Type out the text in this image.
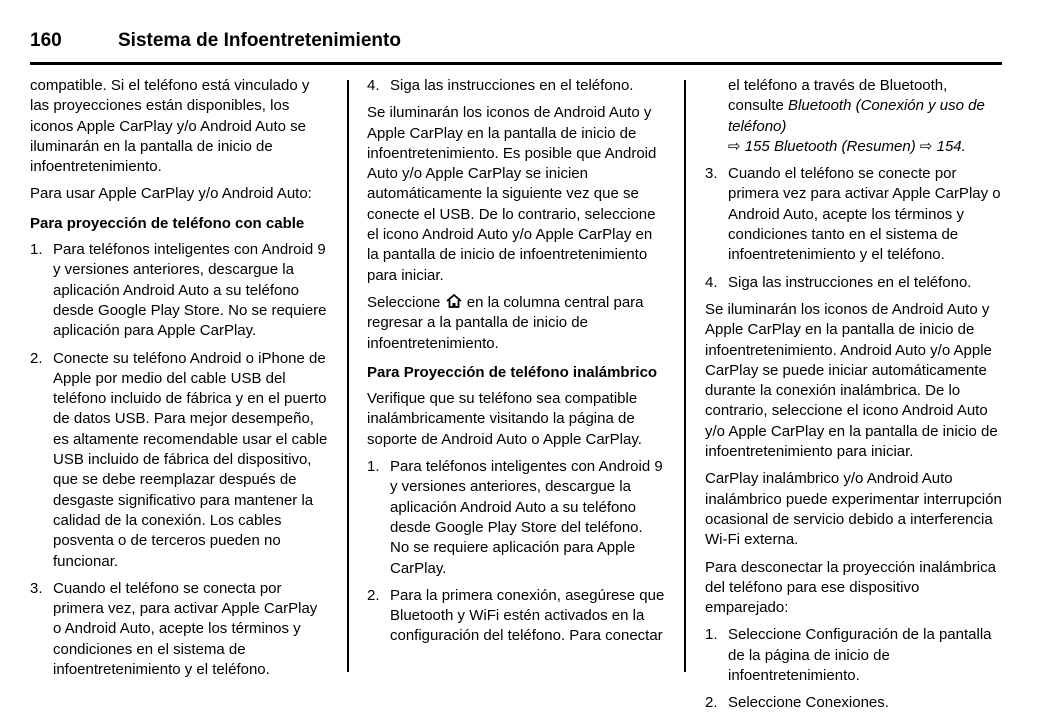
160	Sistema de Infoentretenimiento

compatible. Si el teléfono está vinculado y las proyecciones están disponibles, los iconos Apple CarPlay y/o Android Auto se iluminarán en la pantalla de inicio de infoentretenimiento.

Para usar Apple CarPlay y/o Android Auto:

Para proyección de teléfono con cable
1. Para teléfonos inteligentes con Android 9 y versiones anteriores, descargue la aplicación Android Auto a su teléfono desde Google Play Store. No se requiere aplicación para Apple CarPlay.
2. Conecte su teléfono Android o iPhone de Apple por medio del cable USB del teléfono incluido de fábrica y en el puerto de datos USB. Para mejor desempeño, es altamente recomendable usar el cable USB incluido de fábrica del dispositivo, que se debe reemplazar después de desgaste significativo para mantener la calidad de la conexión. Los cables posventa o de terceros pueden no funcionar.
3. Cuando el teléfono se conecta por primera vez, para activar Apple CarPlay o Android Auto, acepte los términos y condiciones en el sistema de infoentretenimiento y el teléfono.
4. Siga las instrucciones en el teléfono.

Se iluminarán los iconos de Android Auto y Apple CarPlay en la pantalla de inicio de infoentretenimiento. Es posible que Android Auto y/o Apple CarPlay se inicien automáticamente la siguiente vez que se conecte el USB. De lo contrario, seleccione el icono Android Auto y/o Apple CarPlay en la pantalla de inicio de infoentretenimiento para iniciar.

Seleccione en la columna central para regresar a la pantalla de inicio de infoentretenimiento.

Para Proyección de teléfono inalámbrico

Verifique que su teléfono sea compatible inalámbricamente visitando la página de soporte de Android Auto o Apple CarPlay.

1. Para teléfonos inteligentes con Android 9 y versiones anteriores, descargue la aplicación Android Auto a su teléfono desde Google Play Store del teléfono. No se requiere aplicación para Apple CarPlay.
2. Para la primera conexión, asegúrese que Bluetooth y WiFi estén activados en la configuración del teléfono. Para conectar
el teléfono a través de Bluetooth, consulte Bluetooth (Conexión y uso de teléfono)
⇨ 155 Bluetooth (Resumen) ⇨ 154.
3. Cuando el teléfono se conecte por primera vez para activar Apple CarPlay o Android Auto, acepte los términos y condiciones tanto en el sistema de infoentretenimiento y el teléfono.
4. Siga las instrucciones en el teléfono.

Se iluminarán los iconos de Android Auto y Apple CarPlay en la pantalla de inicio de infoentretenimiento. Android Auto y/o Apple CarPlay se puede iniciar automáticamente durante la conexión inalámbrica. De lo contrario, seleccione el icono Android Auto y/o Apple CarPlay en la pantalla de inicio de infoentretenimiento para iniciar.

CarPlay inalámbrico y/o Android Auto inalámbrico puede experimentar interrupción ocasional de servicio debido a interferencia Wi-Fi externa.

Para desconectar la proyección inalámbrica del teléfono para ese dispositivo emparejado:

1. Seleccione Configuración de la pantalla de la página de inicio de infoentretenimiento.
2. Seleccione Conexiones.
